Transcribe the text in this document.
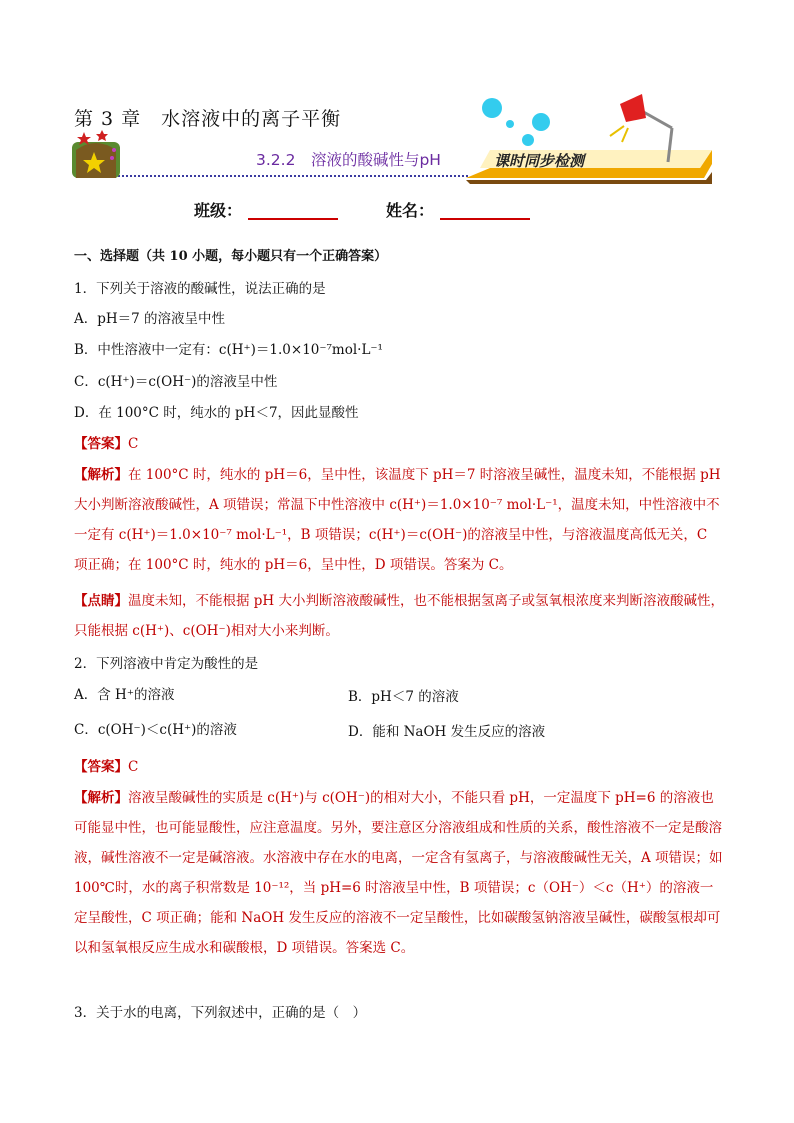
第 3 章　水溶液中的离子平衡
3.2.2　溶液的酸碱性与pH	课时同步检测
班级：	姓名：
一、选择题（共 10 小题，每小题只有一个正确答案）
1．下列关于溶液的酸碱性，说法正确的是
A．pH＝7 的溶液呈中性
B．中性溶液中一定有：c(H⁺)＝1.0×10⁻⁷mol·L⁻¹
C．c(H⁺)＝c(OH⁻)的溶液呈中性
D．在 100°C 时，纯水的 pH＜7，因此显酸性
【答案】C
【解析】在 100°C 时，纯水的 pH＝6，呈中性，该温度下 pH＝7 时溶液呈碱性，温度未知，不能根据 pH 大小判断溶液酸碱性，A 项错误；常温下中性溶液中 c(H⁺)＝1.0×10⁻⁷ mol·L⁻¹，温度未知，中性溶液中不一定有 c(H⁺)＝1.0×10⁻⁷ mol·L⁻¹，B 项错误；c(H⁺)＝c(OH⁻)的溶液呈中性，与溶液温度高低无关，C 项正确；在 100°C 时，纯水的 pH＝6，呈中性，D 项错误。答案为 C。
【点睛】温度未知，不能根据 pH 大小判断溶液酸碱性，也不能根据氢离子或氢氧根浓度来判断溶液酸碱性，只能根据 c(H⁺)、c(OH⁻)相对大小来判断。
2．下列溶液中肯定为酸性的是
A．含 H⁺的溶液	B．pH＜7 的溶液
C．c(OH⁻)＜c(H⁺)的溶液	D．能和 NaOH 发生反应的溶液
【答案】C
【解析】溶液呈酸碱性的实质是 c(H⁺)与 c(OH⁻)的相对大小，不能只看 pH，一定温度下 pH=6 的溶液也可能显中性，也可能显酸性，应注意温度。另外，要注意区分溶液组成和性质的关系，酸性溶液不一定是酸溶液，碱性溶液不一定是碱溶液。水溶液中存在水的电离，一定含有氢离子，与溶液酸碱性无关，A 项错误；如 100℃时，水的离子积常数是 10⁻¹²，当 pH=6 时溶液呈中性，B 项错误；c（OH⁻）＜c（H⁺）的溶液一定呈酸性，C 项正确；能和 NaOH 发生反应的溶液不一定呈酸性，比如碳酸氢钠溶液呈碱性，碳酸氢根却可以和氢氧根反应生成水和碳酸根，D 项错误。答案选 C。
3．关于水的电离，下列叙述中，正确的是（　）
